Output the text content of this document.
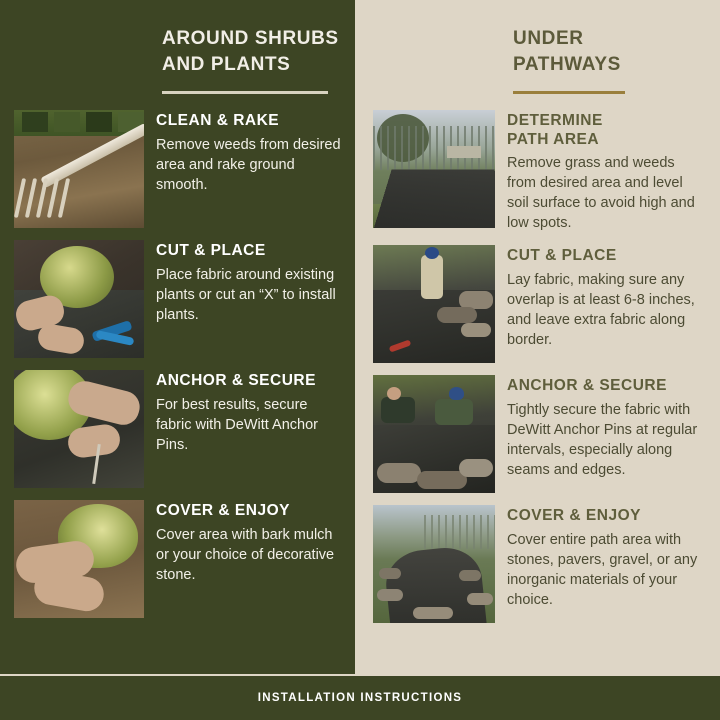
AROUND SHRUBS
AND PLANTS

CLEAN & RAKE

Remove weeds from desired area and rake ground smooth.

CUT & PLACE

Place fabric around existing plants or cut an “X” to install plants.

ANCHOR & SECURE

For best results, secure fabric with DeWitt Anchor Pins.

COVER & ENJOY

Cover area with bark mulch or your choice of decorative stone.

UNDER
PATHWAYS

DETERMINE
PATH AREA

Remove grass and weeds from desired area and level soil surface to avoid high and low spots.

CUT & PLACE

Lay fabric, making sure any overlap is at least 6-8 inches, and leave extra fabric along border.

ANCHOR & SECURE

Tightly secure the fabric with DeWitt Anchor Pins at regular intervals, especially along seams and edges.

COVER & ENJOY

Cover entire path area with stones, pavers, gravel, or any inorganic materials of your choice.

INSTALLATION INSTRUCTIONS
